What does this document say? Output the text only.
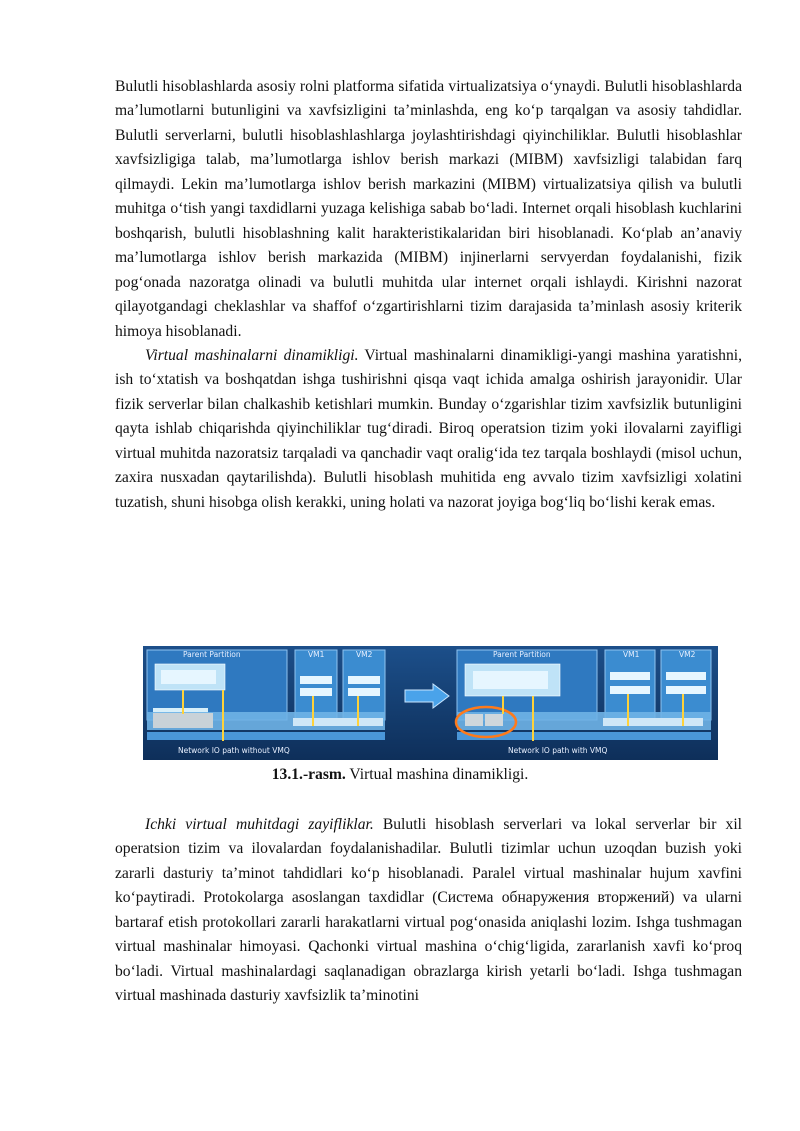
Bulutli hisoblashlarda asosiy rolni platforma sifatida virtualizatsiya o‘ynaydi. Bulutli hisoblashlarda ma’lumotlarni butunligini va xavfsizligini ta’minlashda, eng ko‘p tarqalgan va asosiy tahdidlar. Bulutli serverlarni, bulutli hisoblashlashlarga joylashtirishdagi qiyinchiliklar. Bulutli hisoblashlar xavfsizligiga talab, ma’lumotlarga ishlov berish markazi (MIBM) xavfsizligi talabidan farq qilmaydi. Lekin ma’lumotlarga ishlov berish markazini (MIBM) virtualizatsiya qilish va bulutli muhitga o‘tish yangi taxdidlarni yuzaga kelishiga sabab bo‘ladi. Internet orqali hisoblash kuchlarini boshqarish, bulutli hisoblashning kalit harakteristikalaridan biri hisoblanadi. Ko‘plab an’anaviy ma’lumotlarga ishlov berish markazida (MIBM) injinerlarni servyerdan foydalanishi, fizik pog‘onada nazoratga olinadi va bulutli muhitda ular internet orqali ishlaydi. Kirishni nazorat qilayotgandagi cheklashlar va shaffof o‘zgartirishlarni tizim darajasida ta’minlash asosiy kriterik himoya hisoblanadi.

Virtual mashinalarni dinamikligi. Virtual mashinalarni dinamikligi-yangi mashina yaratishni, ish to‘xtatish va boshqatdan ishga tushirishni qisqa vaqt ichida amalga oshirish jarayonidir. Ular fizik serverlar bilan chalkashib ketishlari mumkin. Bunday o‘zgarishlar tizim xavfsizlik butunligini qayta ishlab chiqarishda qiyinchiliklar tug‘diradi. Biroq operatsion tizim yoki ilovalarni zayifligi virtual muhitda nazoratsiz tarqaladi va qanchadir vaqt oralig‘ida tez tarqala boshlaydi (misol uchun, zaxira nusxadan qaytarilishda). Bulutli hisoblash muhitida eng avvalo tizim xavfsizligi xolatini tuzatish, shuni hisobga olish kerakki, uning holati va nazorat joyiga bog‘liq bo‘lishi kerak emas.

Parent Partition	VM1	VM2
Network IO path without VMQ
Parent Partition	VM1	VM2
Network IO path with VMQ
13.1.-rasm. Virtual mashina dinamikligi.

Ichki virtual muhitdagi zayifliklar. Bulutli hisoblash serverlari va lokal serverlar bir xil operatsion tizim va ilovalardan foydalanishadilar. Bulutli tizimlar uchun uzoqdan buzish yoki zararli dasturiy ta’minot tahdidlari ko‘p hisoblanadi. Paralel virtual mashinalar hujum xavfini ko‘paytiradi. Protokolarga asoslangan taxdidlar (Система обнаружения вторжений) va ularni bartaraf etish protokollari zararli harakatlarni virtual pog‘onasida aniqlashi lozim. Ishga tushmagan virtual mashinalar himoyasi. Qachonki virtual mashina o‘chig‘ligida, zararlanish xavfi ko‘proq bo‘ladi. Virtual mashinalardagi saqlanadigan obrazlarga kirish yetarli bo‘ladi. Ishga tushmagan virtual mashinada dasturiy xavfsizlik ta’minotini
